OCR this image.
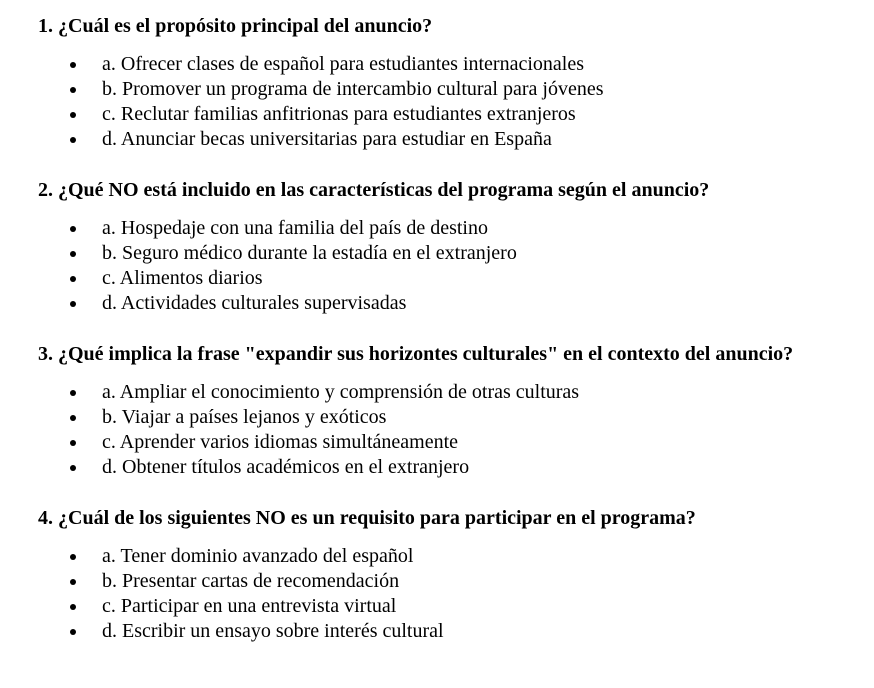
1. ¿Cuál es el propósito principal del anuncio?

a. Ofrecer clases de español para estudiantes internacionales
b. Promover un programa de intercambio cultural para jóvenes
c. Reclutar familias anfitrionas para estudiantes extranjeros
d. Anunciar becas universitarias para estudiar en España

2. ¿Qué NO está incluido en las características del programa según el anuncio?

a. Hospedaje con una familia del país de destino
b. Seguro médico durante la estadía en el extranjero
c. Alimentos diarios
d. Actividades culturales supervisadas

3. ¿Qué implica la frase "expandir sus horizontes culturales" en el contexto del anuncio?

a. Ampliar el conocimiento y comprensión de otras culturas
b. Viajar a países lejanos y exóticos
c. Aprender varios idiomas simultáneamente
d. Obtener títulos académicos en el extranjero

4. ¿Cuál de los siguientes NO es un requisito para participar en el programa?

a. Tener dominio avanzado del español
b. Presentar cartas de recomendación
c. Participar en una entrevista virtual
d. Escribir un ensayo sobre interés cultural
